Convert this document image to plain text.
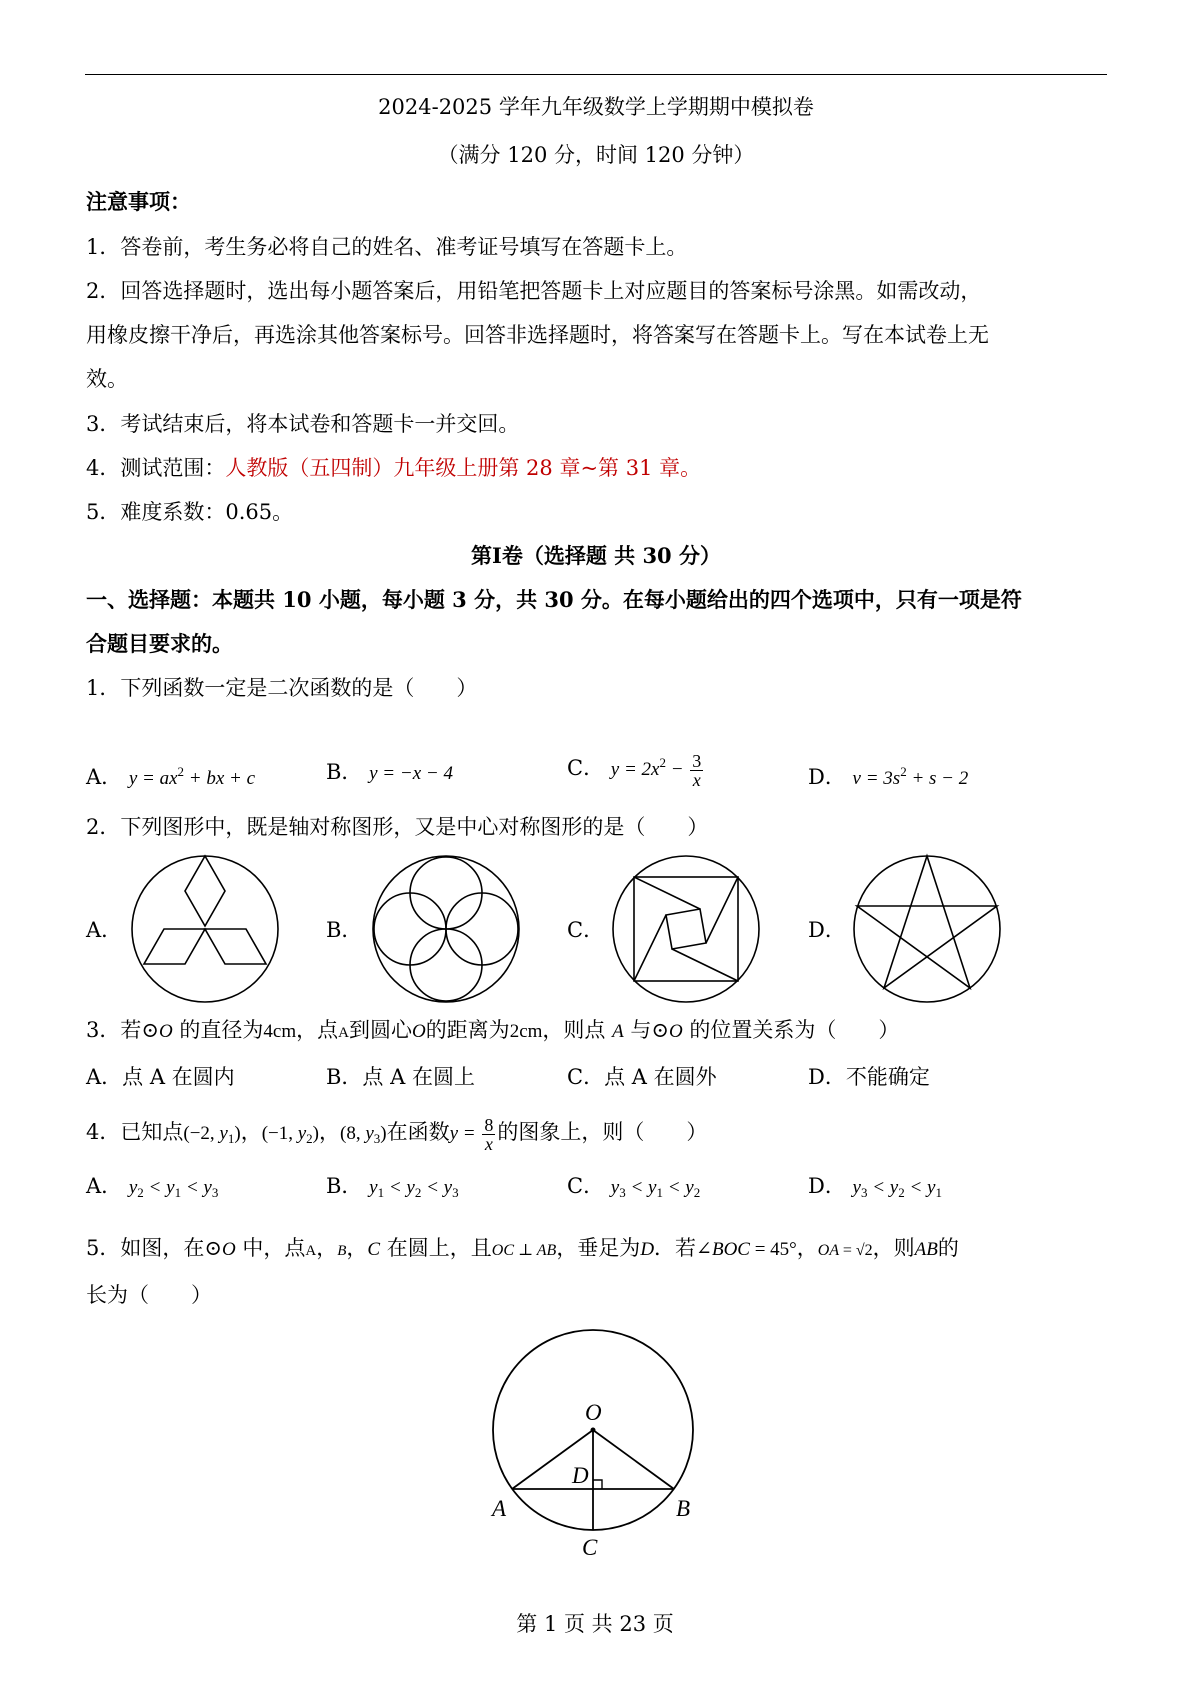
2024-2025 学年九年级数学上学期期中模拟卷
（满分 120 分，时间 120 分钟）
注意事项：
1．答卷前，考生务必将自己的姓名、准考证号填写在答题卡上。
2．回答选择题时，选出每小题答案后，用铅笔把答题卡上对应题目的答案标号涂黑。如需改动，
用橡皮擦干净后，再选涂其他答案标号。回答非选择题时，将答案写在答题卡上。写在本试卷上无
效。
3．考试结束后，将本试卷和答题卡一并交回。
4．测试范围：人教版（五四制）九年级上册第 28 章~第 31 章。
5．难度系数：0.65。
第Ⅰ卷（选择题 共 30 分）
一、选择题：本题共 10 小题，每小题 3 分，共 30 分。在每小题给出的四个选项中，只有一项是符
合题目要求的。
1．下列函数一定是二次函数的是（　　）
A． $y = ax^2$ + bx + c	B． y = −x − 4	C． $y = 2x^2 - \frac{3}{x}$	D． $v = 3s^2 + s - 2$
2．下列图形中，既是轴对称图形，又是中心对称图形的是（　　）
A．	B．	C．	D．
3．若⊙O 的直径为4cm，点A到圆心O的距离为2cm，则点 A 与⊙O 的位置关系为（　　）
A．点 A 在圆内	B．点 A 在圆上	C．点 A 在圆外	D．不能确定
4．已知点(−2, $y_1$)，(−1, $y_2$)，(8, $y_3$)在函数$y = \frac{8}{x}$ 的图象上，则（　　）
A． $y_2 < y_1 < y_3$	B． $y_1 < y_2 < y_3$	C． $y_3 < y_1 < y_2$	D． $y_3 < y_2 < y_1$
5．如图，在⊙O 中，点A，B，C 在圆上，且OC ⊥ AB，垂足为D．若∠BOC = 45°，OA = √2，则AB的
长为（　　）
O
A	B
C
D
第 1 页 共 23 页
